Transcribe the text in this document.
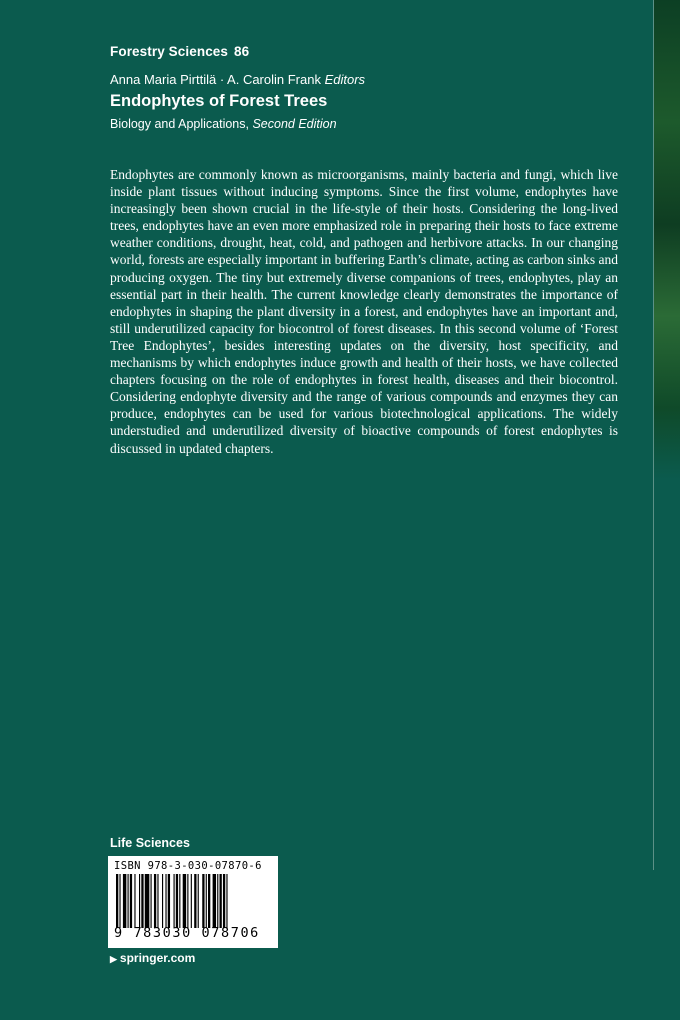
Forestry Sciences 86
Anna Maria Pirttilä · A. Carolin Frank Editors
Endophytes of Forest Trees
Biology and Applications, Second Edition
Endophytes are commonly known as microorganisms, mainly bacteria and fungi, which live inside plant tissues without inducing symptoms. Since the first volume, endophytes have increasingly been shown crucial in the life-style of their hosts. Considering the long-lived trees, endophytes have an even more emphasized role in preparing their hosts to face extreme weather conditions, drought, heat, cold, and pathogen and herbivore attacks. In our changing world, forests are especially important in buffering Earth’s climate, acting as carbon sinks and producing oxygen. The tiny but extremely diverse companions of trees, endophytes, play an essential part in their health. The current knowledge clearly demonstrates the importance of endophytes in shaping the plant diversity in a forest, and endophytes have an important and, still underutilized capacity for biocontrol of forest diseases. In this second volume of ‘Forest Tree Endophytes’, besides interesting updates on the diversity, host specificity, and mechanisms by which endophytes induce growth and health of their hosts, we have collected chapters focusing on the role of endophytes in forest health, diseases and their biocontrol. Considering endophyte diversity and the range of various compounds and enzymes they can produce, endophytes can be used for various biotechnological applications. The widely understudied and underutilized diversity of bioactive compounds of forest endophytes is discussed in updated chapters.
Life Sciences
ISBN 978-3-030-07870-6
9 783030 078706
▶ springer.com
